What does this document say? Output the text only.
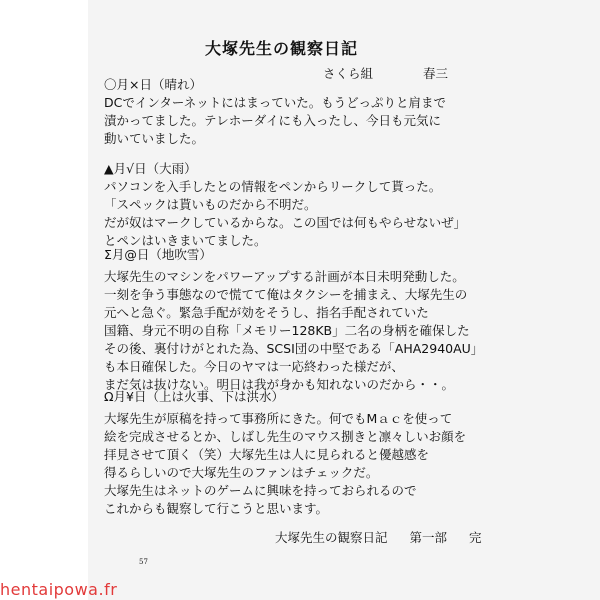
大塚先生の観察日記
さくら組	春三
〇月×日（晴れ）
DCでインターネットにはまっていた。もうどっぷりと肩まで
漬かってました。テレホーダイにも入ったし、今日も元気に
動いていました。
▲月√日（大雨）
パソコンを入手したとの情報をペンからリークして貰った。
「スペックは貰いものだから不明だ。
だが奴はマークしているからな。この国では何もやらせないぜ」
とペンはいきまいてました。
Σ月@日（地吹雪）
大塚先生のマシンをパワーアップする計画が本日未明発動した。
一刻を争う事態なので慌てて俺はタクシーを捕まえ、大塚先生の
元へと急ぐ。緊急手配が効をそうし、指名手配されていた
国籍、身元不明の自称「メモリー128KB」二名の身柄を確保した
その後、裏付けがとれた為、SCSI団の中堅である「AHA2940AU」
も本日確保した。今日のヤマは一応終わった様だが、
まだ気は抜けない。明日は我が身かも知れないのだから・・。
Ω月¥日（上は火事、下は洪水）
大塚先生が原稿を持って事務所にきた。何でもMａｃを使って
絵を完成させるとか、しばし先生のマウス捌きと凛々しいお顔を
拝見させて頂く（笑）大塚先生は人に見られると優越感を
得るらしいので大塚先生のファンはチェックだ。
大塚先生はネットのゲームに興味を持っておられるので
これからも観察して行こうと思います。
大塚先生の観察日記 第一部 完
57
hentaipowa.fr
